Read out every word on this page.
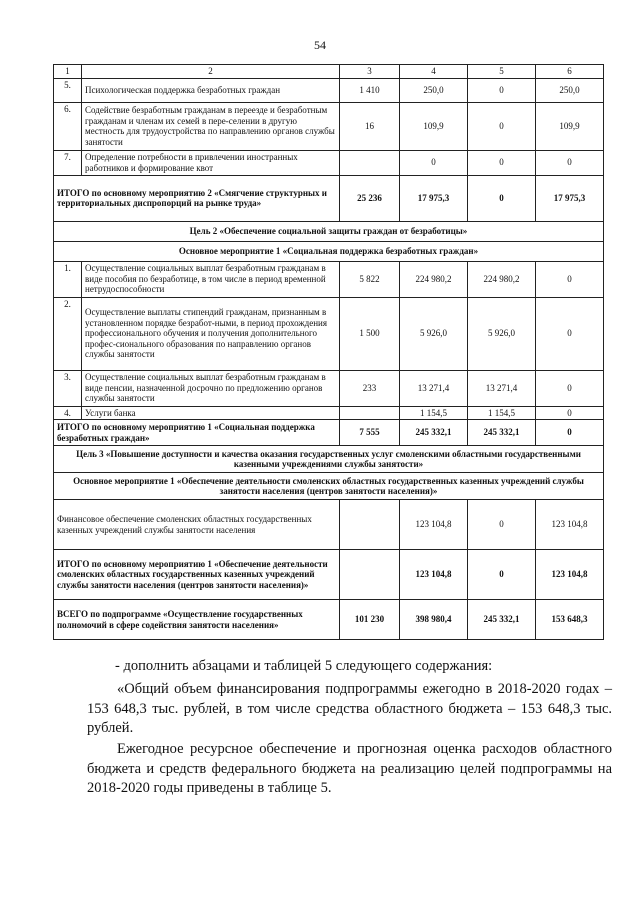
54
1	2	3	4	5	6
5.	Психологическая поддержка безработных граждан	1 410	250,0	0	250,0
6.	Содействие безработным гражданам в переезде и безработным гражданам и членам их семей в пере-селении в другую местность для трудоустройства по направлению органов службы занятости	16	109,9	0	109,9
7.	Определение потребности в привлечении иностранных работников и формирование квот		0	0	0
ИТОГО по основному мероприятию 2 «Смягчение структурных и территориальных диспропорций на рынке труда»		25 236	17 975,3	0	17 975,3
Цель 2 «Обеспечение социальной защиты граждан от безработицы»					
Основное мероприятие 1 «Социальная поддержка безработных граждан»					
1.	Осуществление социальных выплат безработным гражданам в виде пособия по безработице, в том числе в период временной нетрудоспособности	5 822	224 980,2	224 980,2	0
2.	Осуществление выплаты стипендий гражданам, признанным в установленном порядке безработ-ными, в период прохождения профессионального обучения и получения дополнительного профес-сионального образования по направлению органов службы занятости	1 500	5 926,0	5 926,0	0
3.	Осуществление социальных выплат безработным гражданам в виде пенсии, назначенной досрочно по предложению органов службы занятости	233	13 271,4	13 271,4	0
4.	Услуги банка		1 154,5	1 154,5	0
ИТОГО по основному мероприятию 1 «Социальная поддержка безработных граждан»		7 555	245 332,1	245 332,1	0
Цель 3 «Повышение доступности и качества оказания государственных услуг смоленскими областными государственными казенными учреждениями службы занятости»					
Основное мероприятие 1 «Обеспечение деятельности смоленских областных государственных казенных учреждений службы занятости населения (центров занятости населения)»					
Финансовое обеспечение смоленских областных государственных казенных учреждений службы занятости населения			123 104,8	0	123 104,8
ИТОГО по основному мероприятию 1 «Обеспечение деятельности смоленских областных государственных казенных учреждений службы занятости населения (центров занятости населения)»			123 104,8	0	123 104,8
ВСЕГО по подпрограмме «Осуществление государственных полномочий в сфере содействия занятости населения»		101 230	398 980,4	245 332,1	153 648,3
- дополнить абзацами и таблицей 5 следующего содержания:
«Общий объем финансирования подпрограммы ежегодно в 2018-2020 годах – 153 648,3 тыс. рублей, в том числе средства областного бюджета – 153 648,3 тыс. рублей.
Ежегодное ресурсное обеспечение и прогнозная оценка расходов областного бюджета и средств федерального бюджета на реализацию целей подпрограммы на 2018-2020 годы приведены в таблице 5.
